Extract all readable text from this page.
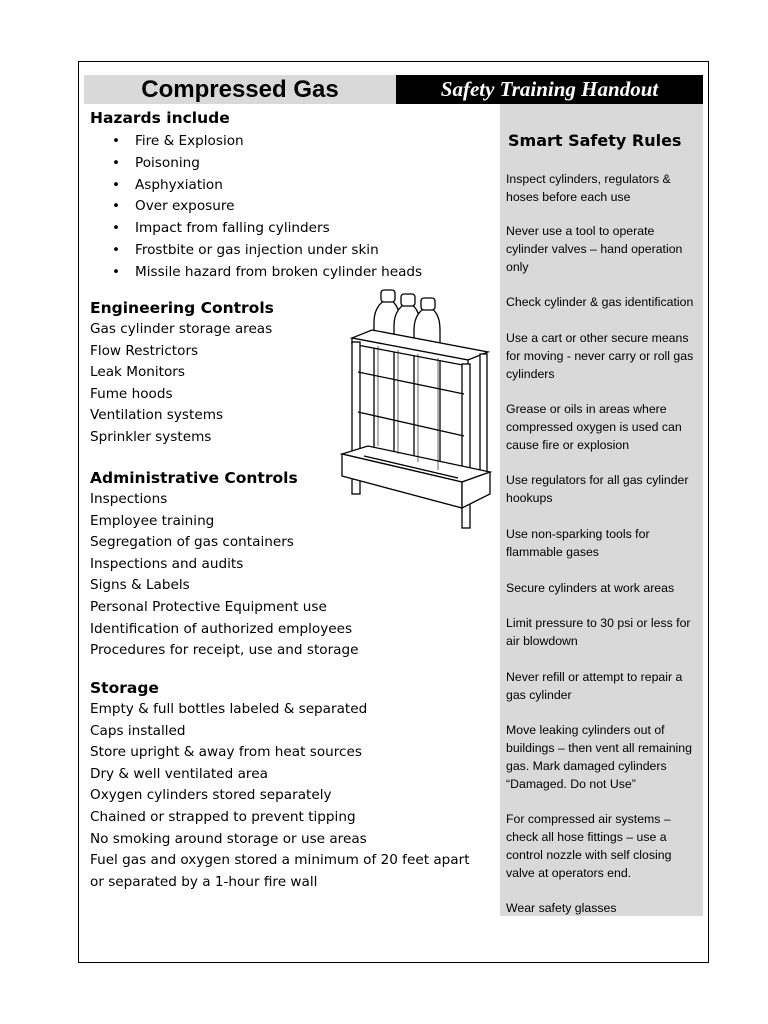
Compressed Gas	Safety Training Handout
Hazards include
• Fire & Explosion
• Poisoning
• Asphyxiation
• Over exposure
• Impact from falling cylinders
• Frostbite or gas injection under skin
• Missile hazard from broken cylinder heads
Engineering Controls
Gas cylinder storage areas
Flow Restrictors
Leak Monitors
Fume hoods
Ventilation systems
Sprinkler systems
Administrative Controls
Inspections
Employee training
Segregation of gas containers
Inspections and audits
Signs & Labels
Personal Protective Equipment use
Identification of authorized employees
Procedures for receipt, use and storage
Storage
Empty & full bottles labeled & separated
Caps installed
Store upright & away from heat sources
Dry & well ventilated area
Oxygen cylinders stored separately
Chained or strapped to prevent tipping
No smoking around storage or use areas
Fuel gas and oxygen stored a minimum of 20 feet apart
or separated by a 1-hour fire wall
Smart Safety Rules
Inspect cylinders, regulators & hoses before each use
Never use a tool to operate cylinder valves – hand operation only
Check cylinder & gas identification
Use a cart or other secure means for moving - never carry or roll gas cylinders
Grease or oils in areas where compressed oxygen is used can cause fire or explosion
Use regulators for all gas cylinder hookups
Use non-sparking tools for flammable gases
Secure cylinders at work areas
Limit pressure to 30 psi or less for air blowdown
Never refill or attempt to repair a gas cylinder
Move leaking cylinders out of buildings – then vent all remaining gas. Mark damaged cylinders “Damaged. Do not Use”
For compressed air systems – check all hose fittings – use a control nozzle with self closing valve at operators end.
Wear safety glasses
